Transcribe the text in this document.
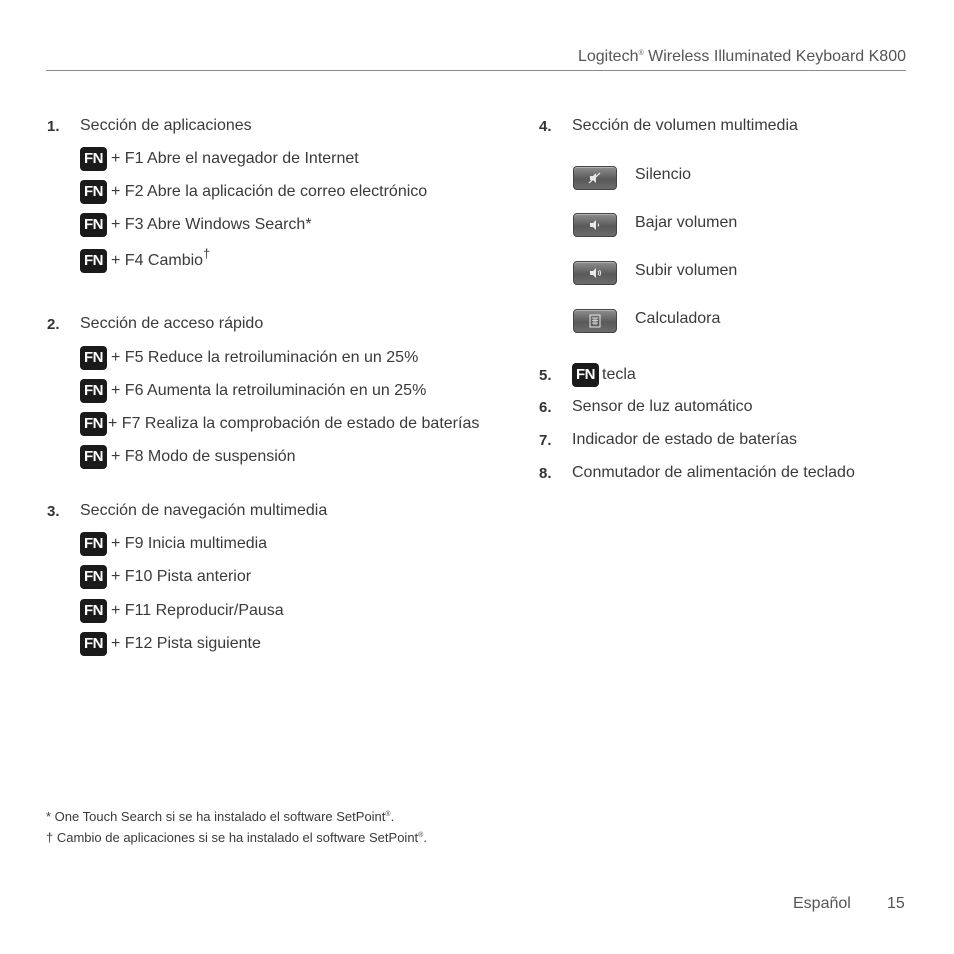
Logitech® Wireless Illuminated Keyboard K800
1. Sección de aplicaciones
FN + F1 Abre el navegador de Internet
FN + F2 Abre la aplicación de correo electrónico
FN + F3 Abre Windows Search*
FN + F4 Cambio†
2. Sección de acceso rápido
FN + F5 Reduce la retroiluminación en un 25%
FN + F6 Aumenta la retroiluminación en un 25%
FN + F7 Realiza la comprobación de estado de baterías
FN + F8 Modo de suspensión
3. Sección de navegación multimedia
FN + F9 Inicia multimedia
FN + F10 Pista anterior
FN + F11 Reproducir/Pausa
FN + F12 Pista siguiente
4. Sección de volumen multimedia
Silencio
Bajar volumen
Subir volumen
Calculadora
5. FN tecla
6. Sensor de luz automático
7. Indicador de estado de baterías
8. Conmutador de alimentación de teclado
* One Touch Search si se ha instalado el software SetPoint®.
† Cambio de aplicaciones si se ha instalado el software SetPoint®.
Español 15
